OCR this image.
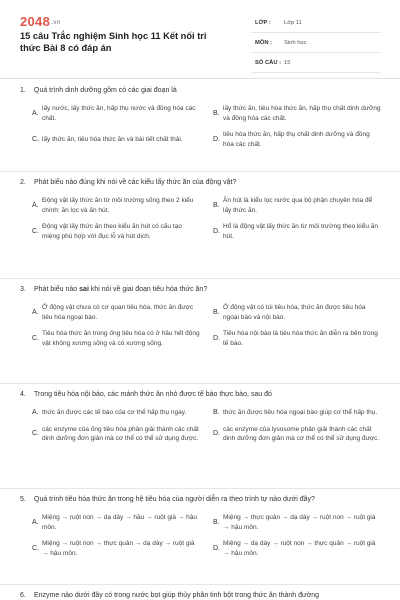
2048.vn
15 câu Trắc nghiệm Sinh học 11 Kết nối tri thức Bài 8 có đáp án
LỚP : Lớp 11
MÔN : Sinh học
SỐ CÂU : 15
1. Quá trình dinh dưỡng gồm có các giai đoạn là
A.
lấy nước, lấy thức ăn, hấp thụ nước và đồng hóa các chất.
B.
lấy thức ăn, tiêu hóa thức ăn, hấp thụ chất dinh dưỡng và đồng hóa các chất.
C. lấy thức ăn, tiêu hóa thức ăn và bài tiết chất thải.	D.
tiêu hóa thức ăn, hấp thụ chất dinh dưỡng và đồng hóa các chất.
2. Phát biểu nào đúng khi nói về các kiểu lấy thức ăn của động vật?
A.
Động vật lấy thức ăn từ môi trường sống theo 2 kiểu chính: ăn lọc và ăn hút.
B.
Ăn hút là kiểu lọc nước qua bộ phận chuyên hóa để lấy thức ăn.
C.
Động vật lấy thức ăn theo kiểu ăn hút có cấu tạo miệng phù hợp với đục lỗ và hút dịch.
D.
Hổ là động vật lấy thức ăn từ môi trường theo kiểu ăn hút.
3. Phát biểu nào sai khi nói về giai đoạn tiêu hóa thức ăn?
A.
Ở động vật chưa có cơ quan tiêu hóa, thức ăn được tiêu hóa ngoại bào.
B.
Ở động vật có túi tiêu hóa, thức ăn được tiêu hóa ngoại bào và nội bào.
C.
Tiêu hóa thức ăn trong ống tiêu hóa có ở hầu hết động vật không xương sống và có xương sống.
D.
Tiêu hóa nội bào là tiêu hóa thức ăn diễn ra bên trong tế bào.
4. Trong tiêu hóa nội bào, các mảnh thức ăn nhỏ được tế bào thực bào, sau đó
A. thức ăn được các tế bào của cơ thể hấp thụ ngay.	B. thức ăn được tiêu hóa ngoại bào giúp cơ thể hấp thụ.
C.
các enzyme của ống tiêu hóa phân giải thành các chất dinh dưỡng đơn giản mà cơ thể có thể sử dụng được.
D.
các enzyme của lysosome phân giải thành các chất dinh dưỡng đơn giản mà cơ thể có thể sử dụng được.
5. Quá trình tiêu hóa thức ăn trong hệ tiêu hóa của người diễn ra theo trình tự nào dưới đây?
A.
Miệng → ruột non → dạ dày → hầu → ruột già → hậu môn.
B.
Miệng → thực quản → dạ dày → ruột non → ruột già → hậu môn.
C.
Miệng → ruột non → thực quản → dạ dày → ruột già → hậu môn.
D.
Miệng → dạ dày → ruột non → thực quản → ruột già → hậu môn.
6. Enzyme nào dưới đây có trong nước bọt giúp thủy phân tinh bột trong thức ăn thành đường
